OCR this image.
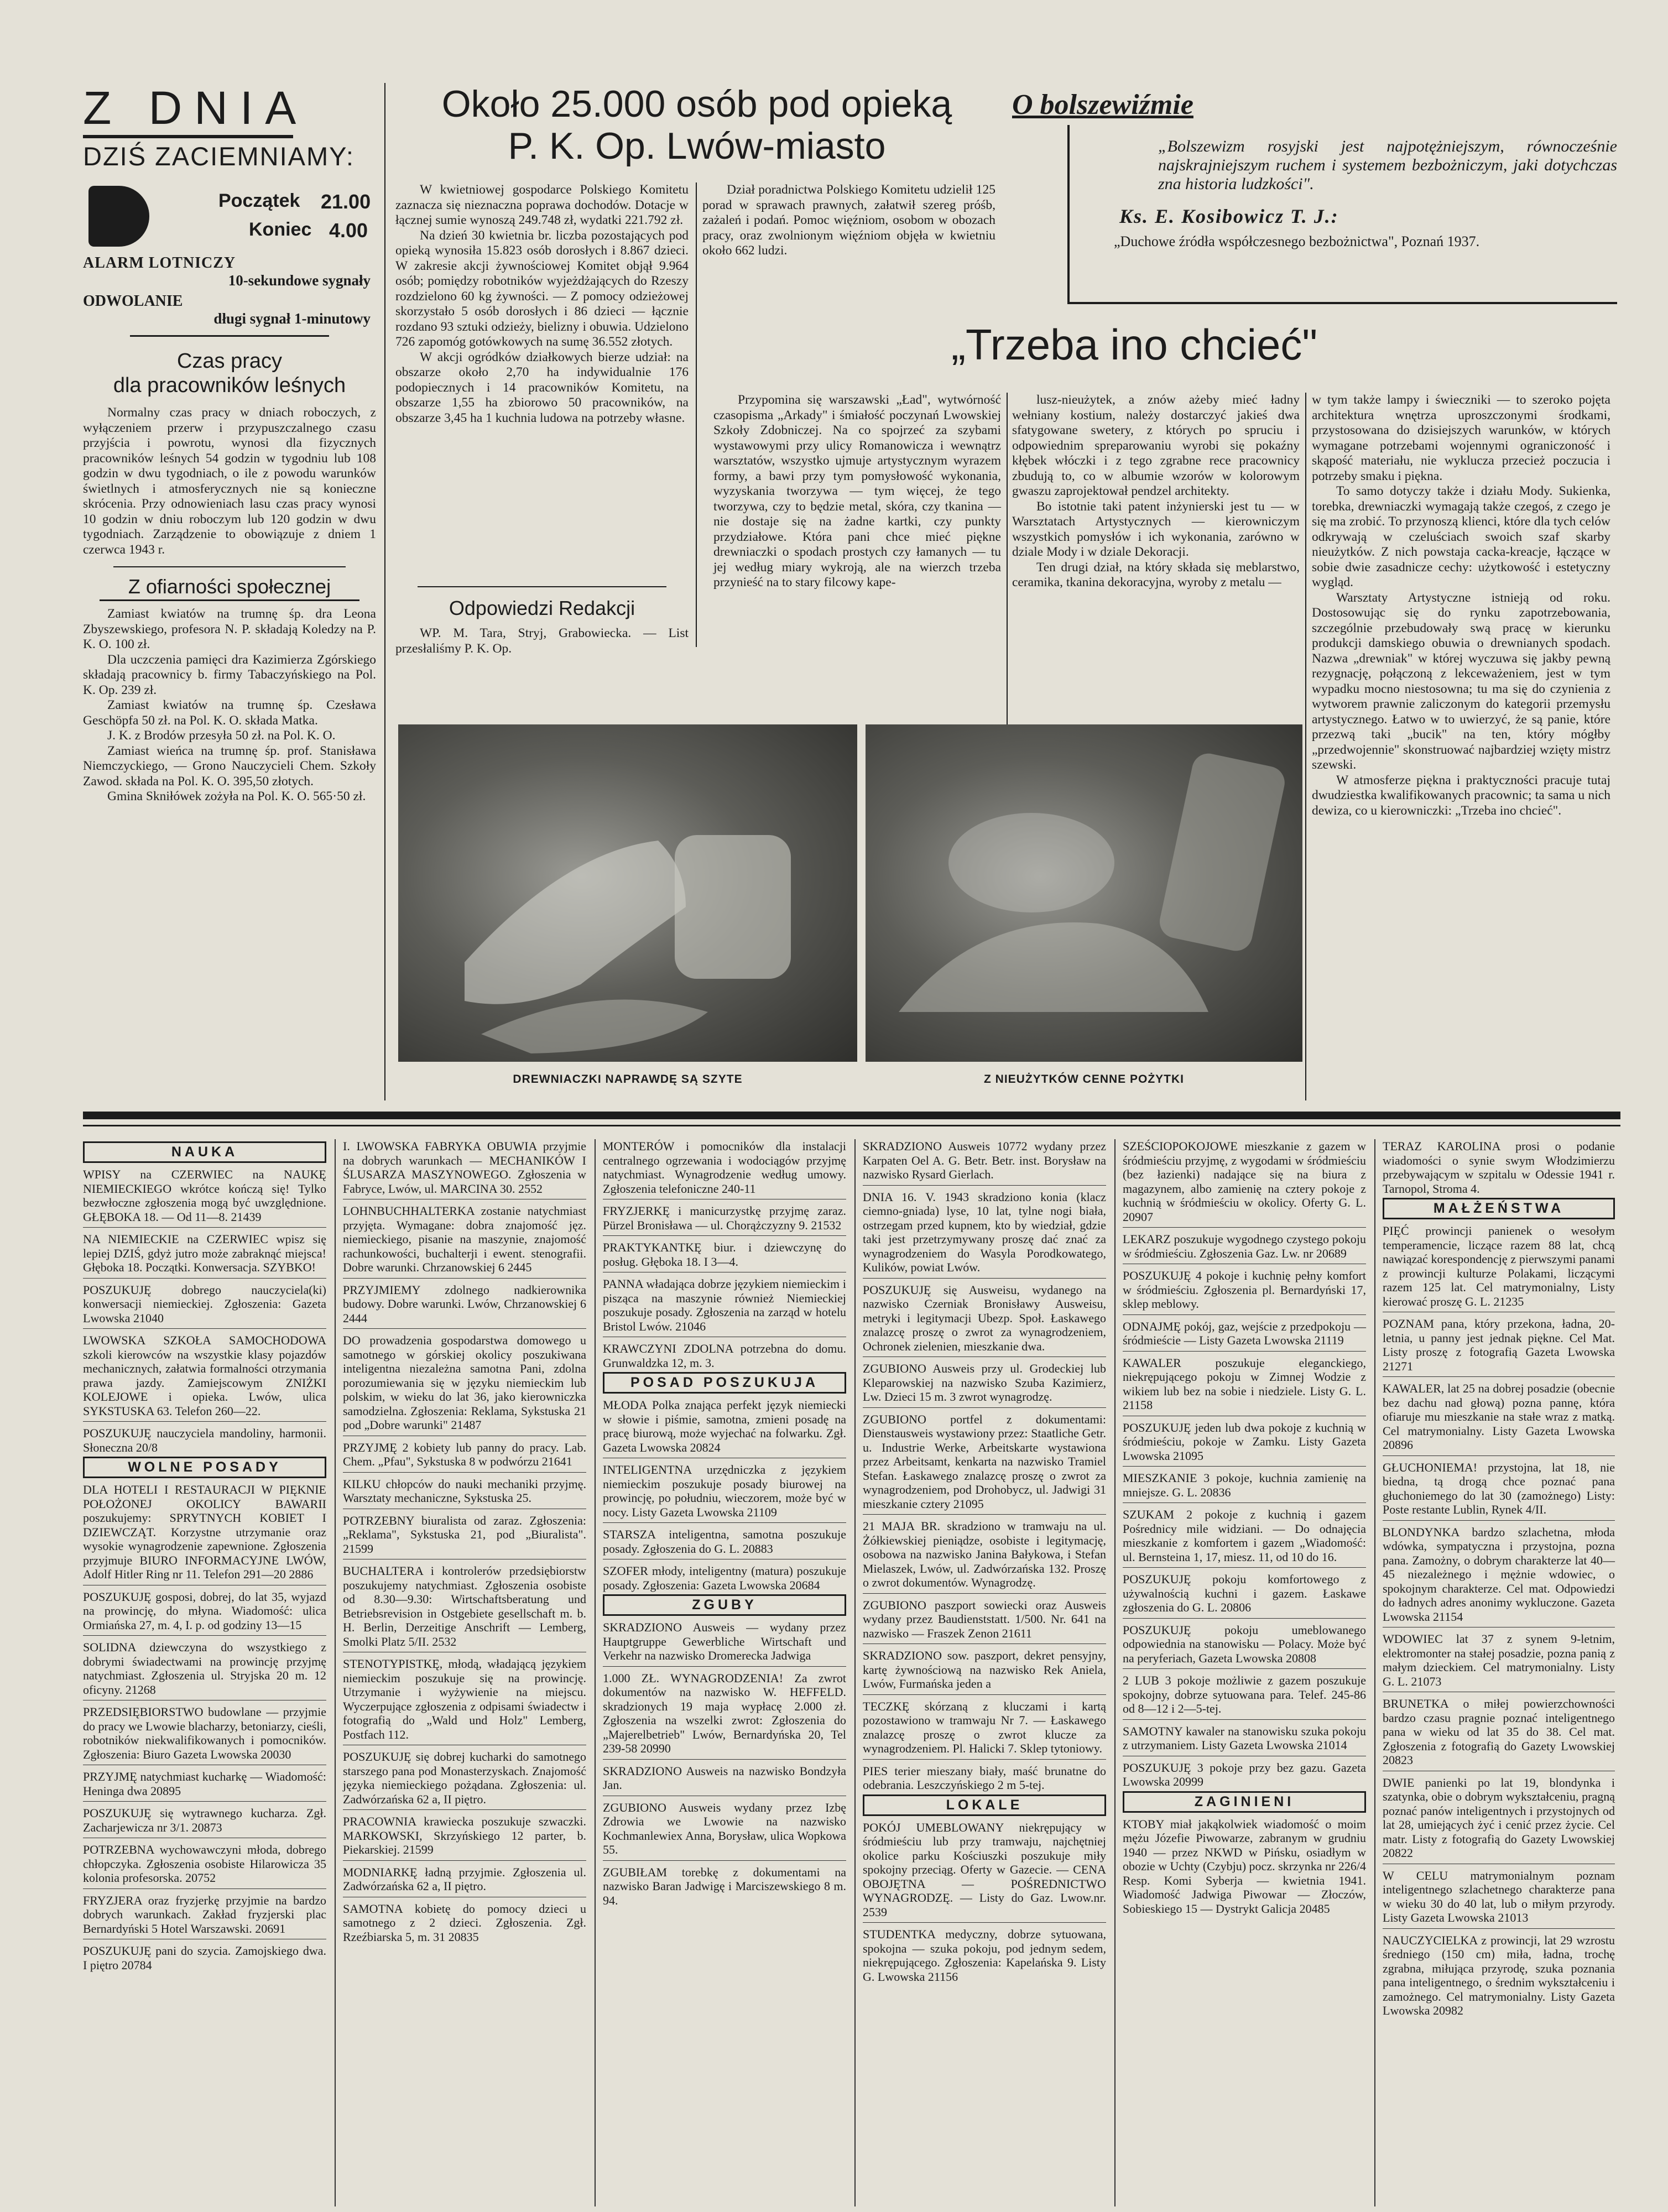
Z DNIA
DZIŚ ZACIEMNIAMY:
Początek 21.00
Koniec 4.00
ALARM LOTNICZY
10-sekundowe sygnały
ODWOLANIE
długi sygnał 1-minutowy
Czas pracy
dla pracowników leśnych

Normalny czas pracy w dniach roboczych, z wyłączeniem przerw i przypuszczalnego czasu przyjścia i powrotu, wynosi dla fizycznych pracowników leśnych 54 godzin w tygodniu lub 108 godzin w dwu tygodniach, o ile z powodu warunków świetlnych i atmosferycznych nie są konieczne skrócenia. Przy odnowieniach lasu czas pracy wynosi 10 godzin w dniu roboczym lub 120 godzin w dwu tygodniach. Zarządzenie to obowiązuje z dniem 1 czerwca 1943 r.

Z ofiarności społecznej

Zamiast kwiatów na trumnę śp. dra Leona Zbyszewskiego, profesora N. P. składają Koledzy na P. K. O. 100 zł.

Dla uczczenia pamięci dra Kazimierza Zgórskiego składają pracownicy b. firmy Tabaczyńskiego na Pol. K. Op. 239 zł.

Zamiast kwiatów na trumnę śp. Czesława Geschöpfa 50 zł. na Pol. K. O. składa Matka.

J. K. z Brodów przesyła 50 zł. na Pol. K. O.

Zamiast wieńca na trumnę śp. prof. Stanisława Niemczyckiego, — Grono Nauczycieli Chem. Szkoły Zawod. składa na Pol. K. O. 395,50 złotych.

Gmina Skniłówek zożyła na Pol. K. O. 565·50 zł.

Około 25.000 osób pod opieką
P. K. Op. Lwów-miasto

W kwietniowej gospodarce Polskiego Komitetu zaznacza się nieznaczna poprawa dochodów. Dotacje w łącznej sumie wynoszą 249.748 zł, wydatki 221.792 zł.

Na dzień 30 kwietnia br. liczba pozostających pod opieką wynosiła 15.823 osób dorosłych i 8.867 dzieci. W zakresie akcji żywnościowej Komitet objął 9.964 osób; pomiędzy robotników wyjeżdżających do Rzeszy rozdzielono 60 kg żywności. — Z pomocy odzieżowej skorzystało 5 osób dorosłych i 86 dzieci — łącznie rozdano 93 sztuki odzieży, bielizny i obuwia. Udzielono 726 zapomóg gotówkowych na sumę 36.552 złotych.

W akcji ogródków działkowych bierze udział: na obszarze około 2,70 ha indywidualnie 176 podopiecznych i 14 pracowników Komitetu, na obszarze 1,55 ha zbiorowo 50 pracowników, na obszarze 3,45 ha 1 kuchnia ludowa na potrzeby własne.

Dział poradnictwa Polskiego Komitetu udzielił 125 porad w sprawach prawnych, załatwił szereg próśb, zażaleń i podań. Pomoc więźniom, osobom w obozach pracy, oraz zwolnionym więźniom objęła w kwietniu około 662 ludzi.

Odpowiedzi Redakcji

WP. M. Tara, Stryj, Grabowiecka. — List przesłaliśmy P. K. Op.

O bolszewiźmie

„Bolszewizm rosyjski jest najpotężniejszym, równocześnie najskrajniejszym ruchem i systemem bezbożniczym, jaki dotychczas zna historia ludzkości".

Ks. E. Kosibowicz T. J.:
„Duchowe źródła współczesnego bezbożnictwa", Poznań 1937.
„Trzeba ino chcieć"

Przypomina się warszawski „Ład", wytwórność czasopisma „Arkady" i śmiałość poczynań Lwowskiej Szkoły Zdobniczej. Na co spojrzeć za szybami wystawowymi przy ulicy Romanowicza i wewnątrz warsztatów, wszystko ujmuje artystycznym wyrazem formy, a bawi przy tym pomysłowość wykonania, wyzyskania tworzywa — tym więcej, że tego tworzywa, czy to będzie metal, skóra, czy tkanina — nie dostaje się na żadne kartki, czy punkty przydziałowe. Która pani chce mieć piękne drewniaczki o spodach prostych czy łamanych — tu jej według miary wykroją, ale na wierzch trzeba przynieść na to stary filcowy kape-

lusz-nieużytek, a znów ażeby mieć ładny wełniany kostium, należy dostarczyć jakieś dwa sfatygowane swetery, z których po spruciu i odpowiednim spreparowaniu wyrobi się pokaźny kłębek włóczki i z tego zgrabne rece pracownicy zbudują to, co w albumie wzorów w kolorowym gwaszu zaprojektował pendzel architekty.

Bo istotnie taki patent inżynierski jest tu — w Warsztatach Artystycznych — kierowniczym wszystkich pomysłów i ich wykonania, zarówno w dziale Mody i w dziale Dekoracji.

Ten drugi dział, na który składa się meblarstwo, ceramika, tkanina dekoracyjna, wyroby z metalu —

w tym także lampy i świeczniki — to szeroko pojęta architektura wnętrza uproszczonymi środkami, przystosowana do dzisiejszych warunków, w których wymagane potrzebami wojennymi ograniczoność i skąpość materiału, nie wyklucza przecież poczucia i potrzeby smaku i piękna.

To samo dotyczy także i działu Mody. Sukienka, torebka, drewniaczki wymagają także czegoś, z czego je się ma zrobić. To przynoszą klienci, które dla tych celów odkrywają w czeluściach swoich szaf skarby nieużytków. Z nich powstaja cacka-kreacje, łączące w sobie dwie zasadnicze cechy: użytkowość i estetyczny wygląd.

Warsztaty Artystyczne istnieją od roku. Dostosowując się do rynku zapotrzebowania, szczególnie przebudowały swą pracę w kierunku produkcji damskiego obuwia o drewnianych spodach. Nazwa „drewniak" w której wyczuwa się jakby pewną rezygnację, połączoną z lekceważeniem, jest w tym wypadku mocno niestosowna; tu ma się do czynienia z wytworem prawnie zaliczonym do kategorii przemysłu artystycznego. Łatwo w to uwierzyć, że są panie, które przezwą taki „bucik" na ten, który mógłby „przedwojennie" skonstruować najbardziej wzięty mistrz szewski.

W atmosferze piękna i praktyczności pracuje tutaj dwudziestka kwalifikowanych pracownic; ta sama u nich dewiza, co u kierowniczki: „Trzeba ino chcieć".

DREWNIACZKI NAPRAWDĘ SĄ SZYTE	Z NIEUŻYTKÓW CENNE POŻYTKI
NAUKA

WPISY na CZERWIEC na NAUKĘ NIEMIECKIEGO wkrótce kończą się! Tylko bezwłoczne zgłoszenia mogą być uwzględnione. GŁĘBOKA 18. — Od 11—8. 21439

NA NIEMIECKIE na CZERWIEC wpisz się lepiej DZIŚ, gdyż jutro może zabraknąć miejsca! Głęboka 18. Początki. Konwersacja. SZYBKO!

POSZUKUJĘ dobrego nauczyciela(ki) konwersacji niemieckiej. Zgłoszenia: Gazeta Lwowska 21040

LWOWSKA SZKOŁA SAMOCHODOWA szkoli kierowców na wszystkie klasy pojazdów mechanicznych, załatwia formalności otrzymania prawa jazdy. Zamiejscowym ZNIŻKI KOLEJOWE i opieka. Lwów, ulica SYKSTUSKA 63. Telefon 260—22.

POSZUKUJĘ nauczyciela mandoliny, harmonii. Słoneczna 20/8

WOLNE POSADY

DLA HOTELI I RESTAURACJI W PIĘKNIE POŁOŻONEJ OKOLICY BAWARII poszukujemy: SPRYTNYCH KOBIET I DZIEWCZĄT. Korzystne utrzymanie oraz wysokie wynagrodzenie zapewnione. Zgłoszenia przyjmuje BIURO INFORMACYJNE LWÓW, Adolf Hitler Ring nr 11. Telefon 291—20 2886

POSZUKUJĘ gosposi, dobrej, do lat 35, wyjazd na prowincję, do młyna. Wiadomość: ulica Ormiańska 27, m. 4, I. p. od godziny 13—15

SOLIDNA dziewczyna do wszystkiego z dobrymi świadectwami na prowincję przyjmę natychmiast. Zgłoszenia ul. Stryjska 20 m. 12 oficyny. 21268

PRZEDSIĘBIORSTWO budowlane — przyjmie do pracy we Lwowie blacharzy, betoniarzy, cieśli, robotników niekwalifikowanych i pomocników. Zgłoszenia: Biuro Gazeta Lwowska 20030

PRZYJMĘ natychmiast kucharkę — Wiadomość: Heninga dwa 20895

POSZUKUJĘ się wytrawnego kucharza. Zgł. Zacharjewicza nr 3/1. 20873

POTRZEBNA wychowawczyni młoda, dobrego chłopczyka. Zgłoszenia osobiste Hilarowicza 35 kolonia profesorska. 20752

FRYZJERA oraz fryzjerkę przyjmie na bardzo dobrych warunkach. Zakład fryzjerski plac Bernardyński 5 Hotel Warszawski. 20691

POSZUKUJĘ pani do szycia. Zamojskiego dwa. I piętro 20784

I. LWOWSKA FABRYKA OBUWIA przyjmie na dobrych warunkach — MECHANIKÓW I ŚLUSARZA MASZYNOWEGO. Zgłoszenia w Fabryce, Lwów, ul. MARCINA 30. 2552

LOHNBUCHHALTERKA zostanie natychmiast przyjęta. Wymagane: dobra znajomość jęz. niemieckiego, pisanie na maszynie, znajomość rachunkowości, buchalterji i ewent. stenografii. Dobre warunki. Chrzanowskiej 6 2445

PRZYJMIEMY zdolnego nadkierownika budowy. Dobre warunki. Lwów, Chrzanowskiej 6 2444

DO prowadzenia gospodarstwa domowego u samotnego w górskiej okolicy poszukiwana inteligentna niezależna samotna Pani, zdolna porozumiewania się w języku niemieckim lub polskim, w wieku do lat 36, jako kierowniczka samodzielna. Zgłoszenia: Reklama, Sykstuska 21 pod „Dobre warunki" 21487

PRZYJMĘ 2 kobiety lub panny do pracy. Lab. Chem. „Pfau", Sykstuska 8 w podwórzu 21641

KILKU chłopców do nauki mechaniki przyjmę. Warsztaty mechaniczne, Sykstuska 25.

POTRZEBNY biuralista od zaraz. Zgłoszenia: „Reklama", Sykstuska 21, pod „Biuralista". 21599

BUCHALTERA i kontrolerów przedsiębiorstw poszukujemy natychmiast. Zgłoszenia osobiste od 8.30—9.30: Wirtschaftsberatung und Betriebsrevision in Ostgebiete gesellschaft m. b. H. Berlin, Derzeitige Anschrift — Lemberg, Smolki Platz 5/II. 2532

STENOTYPISTKĘ, młodą, władającą językiem niemieckim poszukuje się na prowincję. Utrzymanie i wyżywienie na miejscu. Wyczerpujące zgłoszenia z odpisami świadectw i fotografią do „Wald und Holz" Lemberg, Postfach 112.

POSZUKUJĘ się dobrej kucharki do samotnego starszego pana pod Monasterzyskach. Znajomość języka niemieckiego pożądana. Zgłoszenia: ul. Zadwórzańska 62 a, II piętro.

PRACOWNIA krawiecka poszukuje szwaczki. MARKOWSKI, Skrzyńskiego 12 parter, b. Piekarskiej. 21599

MODNIARKĘ ładną przyjmie. Zgłoszenia ul. Zadwórzańska 62 a, II piętro.

SAMOTNA kobietę do pomocy dzieci u samotnego z 2 dzieci. Zgłoszenia. Zgł. Rzeźbiarska 5, m. 31 20835

MONTERÓW i pomocników dla instalacji centralnego ogrzewania i wodociągów przyjmę natychmiast. Wynagrodzenie według umowy. Zgłoszenia telefoniczne 240-11

FRYZJERKĘ i manicurzystkę przyjmę zaraz. Pürzel Bronisława — ul. Chorążczyzny 9. 21532

PRAKTYKANTKĘ biur. i dziewczynę do posług. Głęboka 18. I 3—4.

PANNA władająca dobrze językiem niemieckim i pisząca na maszynie również Niemieckiej poszukuje posady. Zgłoszenia na zarząd w hotelu Bristol Lwów. 21046

KRAWCZYNI ZDOLNA potrzebna do domu. Grunwaldzka 12, m. 3.

POSAD POSZUKUJA

MŁODA Polka znająca perfekt język niemiecki w słowie i piśmie, samotna, zmieni posadę na pracę biurową, może wyjechać na folwarku. Zgł. Gazeta Lwowska 20824

INTELIGENTNA urzędniczka z językiem niemieckim poszukuje posady biurowej na prowincję, po południu, wieczorem, może być w nocy. Listy Gazeta Lwowska 21109

STARSZA inteligentna, samotna poszukuje posady. Zgłoszenia do G. L. 20883

SZOFER młody, inteligentny (matura) poszukuje posady. Zgłoszenia: Gazeta Lwowska 20684

ZGUBY

SKRADZIONO Ausweis — wydany przez Hauptgruppe Gewerbliche Wirtschaft und Verkehr na nazwisko Dromerecka Jadwiga

1.000 ZŁ. WYNAGRODZENIA! Za zwrot dokumentów na nazwisko W. HEFFELD. skradzionych 19 maja wypłacę 2.000 zł. Zgłoszenia na wszelki zwrot: Zgłoszenia do „Majerelbetrieb" Lwów, Bernardyńska 20, Tel 239-58 20990

SKRADZIONO Ausweis na nazwisko Bondzyła Jan.

ZGUBIONO Ausweis wydany przez Izbę Zdrowia we Lwowie na nazwisko Kochmanlewiex Anna, Borysław, ulica Wopkowa 55.

ZGUBIŁAM torebkę z dokumentami na nazwisko Baran Jadwigę i Marciszewskiego 8 m. 94.

SKRADZIONO Ausweis 10772 wydany przez Karpaten Oel A. G. Betr. Betr. inst. Borysław na nazwisko Rysard Gierlach.

DNIA 16. V. 1943 skradziono konia (klacz ciemno-gniada) lyse, 10 lat, tylne nogi biała, ostrzegam przed kupnem, kto by wiedział, gdzie taki jest przetrzymywany proszę dać znać za wynagrodzeniem do Wasyla Porodkowatego, Kulików, powiat Lwów.

POSZUKUJĘ się Ausweisu, wydanego na nazwisko Czerniak Bronisławy Ausweisu, metryki i legitymacji Ubezp. Społ. Łaskawego znalazcę proszę o zwrot za wynagrodzeniem, Ochronek zielenien, mieszkanie dwa.

ZGUBIONO Ausweis przy ul. Grodeckiej lub Kleparowskiej na nazwisko Szuba Kazimierz, Lw. Dzieci 15 m. 3 zwrot wynagrodzę.

ZGUBIONO portfel z dokumentami: Dienstausweis wystawiony przez: Staatliche Getr. u. Industrie Werke, Arbeitskarte wystawiona przez Arbeitsamt, kenkarta na nazwisko Tramiel Stefan. Łaskawego znalazcę proszę o zwrot za wynagrodzeniem, pod Drohobycz, ul. Jadwigi 31 mieszkanie cztery 21095

21 MAJA BR. skradziono w tramwaju na ul. Żółkiewskiej pieniądze, osobiste i legitymację, osobowa na nazwisko Janina Bałykowa, i Stefan Mielaszek, Lwów, ul. Zadwórzańska 132. Proszę o zwrot dokumentów. Wynagrodzę.

ZGUBIONO paszport sowiecki oraz Ausweis wydany przez Baudienststatt. 1/500. Nr. 641 na nazwisko — Fraszek Zenon 21611

SKRADZIONO sow. paszport, dekret pensyjny, kartę żywnościową na nazwisko Rek Aniela, Lwów, Furmańska jeden a

TECZKĘ skórzaną z kluczami i kartą pozostawiono w tramwaju Nr 7. — Łaskawego znalazcę proszę o zwrot klucze za wynagrodzeniem. Pl. Halicki 7. Sklep tytoniowy.

PIES terier mieszany biały, maść brunatne do odebrania. Leszczyńskiego 2 m 5-tej.

LOKALE

POKÓJ UMEBLOWANY niekrępujący w śródmieściu lub przy tramwaju, najchętniej okolice parku Kościuszki poszukuje miły spokojny przeciąg. Oferty w Gazecie. — CENA OBOJĘTNA — POŚREDNICTWO WYNAGRODZĘ. — Listy do Gaz. Lwow.nr. 2539

STUDENTKA medyczny, dobrze sytuowana, spokojna — szuka pokoju, pod jednym sedem, niekrępującego. Zgłoszenia: Kapelańska 9. Listy G. Lwowska 21156

SZEŚCIOPOKOJOWE mieszkanie z gazem w śródmieściu przyjmę, z wygodami w śródmieściu (bez łazienki) nadające się na biura z magazynem, albo zamienię na cztery pokoje z kuchnią w śródmieściu w okolicy. Oferty G. L. 20907

LEKARZ poszukuje wygodnego czystego pokoju w śródmieściu. Zgłoszenia Gaz. Lw. nr 20689

POSZUKUJĘ 4 pokoje i kuchnię pełny komfort w śródmieściu. Zgłoszenia pl. Bernardyński 17, sklep meblowy.

ODNAJMĘ pokój, gaz, wejście z przedpokoju — śródmieście — Listy Gazeta Lwowska 21119

KAWALER poszukuje eleganckiego, niekrępującego pokoju w Zimnej Wodzie z wikiem lub bez na sobie i niedziele. Listy G. L. 21158

POSZUKUJĘ jeden lub dwa pokoje z kuchnią w śródmieściu, pokoje w Zamku. Listy Gazeta Lwowska 21095

MIESZKANIE 3 pokoje, kuchnia zamienię na mniejsze. G. L. 20836

SZUKAM 2 pokoje z kuchnią i gazem Pośrednicy mile widziani. — Do odnajęcia mieszkanie z komfortem i gazem „Wiadomość: ul. Bernsteina 1, 17, miesz. 11, od 10 do 16.

POSZUKUJĘ pokoju komfortowego z używalnością kuchni i gazem. Łaskawe zgłoszenia do G. L. 20806

POSZUKUJĘ pokoju umeblowanego odpowiednia na stanowisku — Polacy. Może być na peryferiach, Gazeta Lwowska 20808

2 LUB 3 pokoje możliwie z gazem poszukuje spokojny, dobrze sytuowana para. Telef. 245-86 od 8—12 i 2—5-tej.

SAMOTNY kawaler na stanowisku szuka pokoju z utrzymaniem. Listy Gazeta Lwowska 21014

POSZUKUJĘ 3 pokoje przy bez gazu. Gazeta Lwowska 20999

ZAGINIENI

KTOBY miał jakąkolwiek wiadomość o moim mężu Józefie Piwowarze, zabranym w grudniu 1940 — przez NKWD w Pińsku, osiadłym w obozie w Uchty (Czybju) pocz. skrzynka nr 226/4 Resp. Komi Syberja — kwietnia 1941. Wiadomość Jadwiga Piwowar — Złoczów, Sobieskiego 15 — Dystrykt Galicja 20485

TERAZ KAROLINA prosi o podanie wiadomości o synie swym Włodzimierzu przebywającym w szpitalu w Odessie 1941 r. Tarnopol, Stroma 4.

MAŁŻEŃSTWA

PIĘĆ prowincji panienek o wesołym temperamencie, liczące razem 88 lat, chcą nawiązać korespondencję z pierwszymi panami z prowincji kulturze Polakami, liczącymi razem 125 lat. Cel matrymonialny, Listy kierować proszę G. L. 21235

POZNAM pana, który przekona, ładna, 20-letnia, u panny jest jednak piękne. Cel Mat. Listy proszę z fotografią Gazeta Lwowska 21271

KAWALER, lat 25 na dobrej posadzie (obecnie bez dachu nad głową) pozna pannę, która ofiaruje mu mieszkanie na stałe wraz z matką. Cel matrymonialny. Listy Gazeta Lwowska 20896

GŁUCHONIEMA! przystojna, lat 18, nie biedna, tą drogą chce poznać pana głuchoniemego do lat 30 (zamożnego) Listy: Poste restante Lublin, Rynek 4/II.

BLONDYNKA bardzo szlachetna, młoda wdówka, sympatyczna i przystojna, pozna pana. Zamożny, o dobrym charakterze lat 40—45 niezależnego i mężnie wdowiec, o spokojnym charakterze. Cel mat. Odpowiedzi do ładnych adres anonimy wykluczone. Gazeta Lwowska 21154

WDOWIEC lat 37 z synem 9-letnim, elektromonter na stałej posadzie, pozna panią z małym dzieckiem. Cel matrymonialny. Listy G. L. 21073

BRUNETKA o miłej powierzchowności bardzo czasu pragnie poznać inteligentnego pana w wieku od lat 35 do 38. Cel mat. Zgłoszenia z fotografią do Gazety Lwowskiej 20823

DWIE panienki po lat 19, blondynka i szatynka, obie o dobrym wykształceniu, pragną poznać panów inteligentnych i przystojnych od lat 28, umiejących żyć i cenić przez życie. Cel matr. Listy z fotografią do Gazety Lwowskiej 20822

W CELU matrymonialnym poznam inteligentnego szlachetnego charakterze pana w wieku 30 do 40 lat, lub o miłym przyrody. Listy Gazeta Lwowska 21013

NAUCZYCIELKA z prowincji, lat 29 wzrostu średniego (150 cm) miła, ładna, trochę zgrabna, miłująca przyrodę, szuka poznania pana inteligentnego, o średnim wykształceniu i zamożnego. Cel matrymonialny. Listy Gazeta Lwowska 20982
